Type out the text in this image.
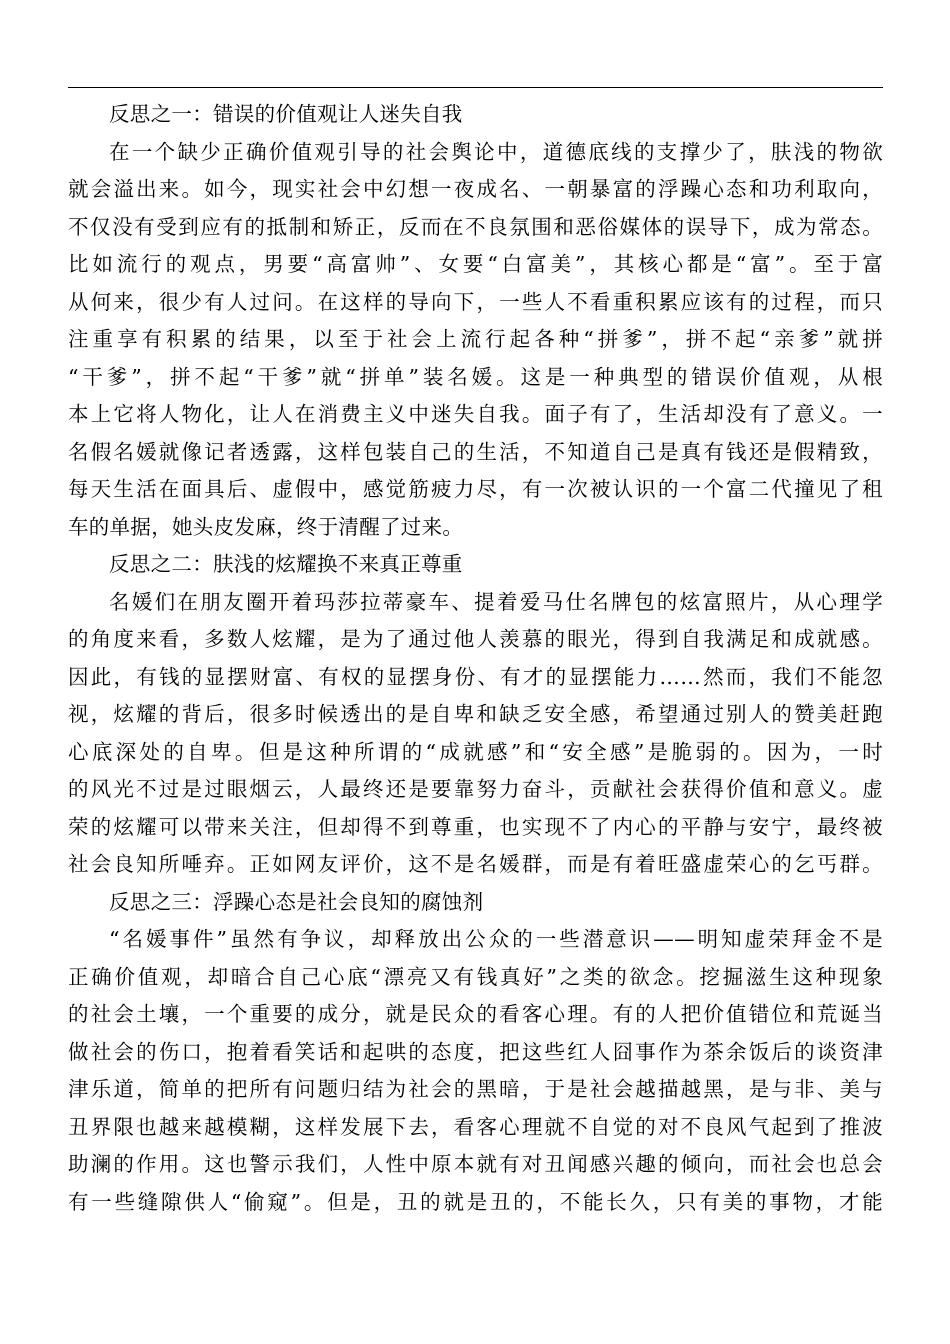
反思之一：错误的价值观让人迷失自我
在一个缺少正确价值观引导的社会舆论中，道德底线的支撑少了，肤浅的物欲
就会溢出来。如今，现实社会中幻想一夜成名、一朝暴富的浮躁心态和功利取向，
不仅没有受到应有的抵制和矫正，反而在不良氛围和恶俗媒体的误导下，成为常态。
比如流行的观点，男要“高富帅”、女要“白富美”，其核心都是“富”。至于富
从何来，很少有人过问。在这样的导向下，一些人不看重积累应该有的过程，而只
注重享有积累的结果，以至于社会上流行起各种“拼爹”，拼不起“亲爹”就拼
“干爹”，拼不起“干爹”就“拼单”装名媛。这是一种典型的错误价值观，从根
本上它将人物化，让人在消费主义中迷失自我。面子有了，生活却没有了意义。一
名假名媛就像记者透露，这样包装自己的生活，不知道自己是真有钱还是假精致，
每天生活在面具后、虚假中，感觉筋疲力尽，有一次被认识的一个富二代撞见了租
车的单据，她头皮发麻，终于清醒了过来。
反思之二：肤浅的炫耀换不来真正尊重
名媛们在朋友圈开着玛莎拉蒂豪车、提着爱马仕名牌包的炫富照片，从心理学
的角度来看，多数人炫耀，是为了通过他人羡慕的眼光，得到自我满足和成就感。
因此，有钱的显摆财富、有权的显摆身份、有才的显摆能力……然而，我们不能忽
视，炫耀的背后，很多时候透出的是自卑和缺乏安全感，希望通过别人的赞美赶跑
心底深处的自卑。但是这种所谓的“成就感”和“安全感”是脆弱的。因为，一时
的风光不过是过眼烟云，人最终还是要靠努力奋斗，贡献社会获得价值和意义。虚
荣的炫耀可以带来关注，但却得不到尊重，也实现不了内心的平静与安宁，最终被
社会良知所唾弃。正如网友评价，这不是名媛群，而是有着旺盛虚荣心的乞丐群。
反思之三：浮躁心态是社会良知的腐蚀剂
“名媛事件”虽然有争议，却释放出公众的一些潜意识——明知虚荣拜金不是
正确价值观，却暗合自己心底“漂亮又有钱真好”之类的欲念。挖掘滋生这种现象
的社会土壤，一个重要的成分，就是民众的看客心理。有的人把价值错位和荒诞当
做社会的伤口，抱着看笑话和起哄的态度，把这些红人囧事作为茶余饭后的谈资津
津乐道，简单的把所有问题归结为社会的黑暗，于是社会越描越黑，是与非、美与
丑界限也越来越模糊，这样发展下去，看客心理就不自觉的对不良风气起到了推波
助澜的作用。这也警示我们，人性中原本就有对丑闻感兴趣的倾向，而社会也总会
有一些缝隙供人“偷窥”。但是，丑的就是丑的，不能长久，只有美的事物，才能
